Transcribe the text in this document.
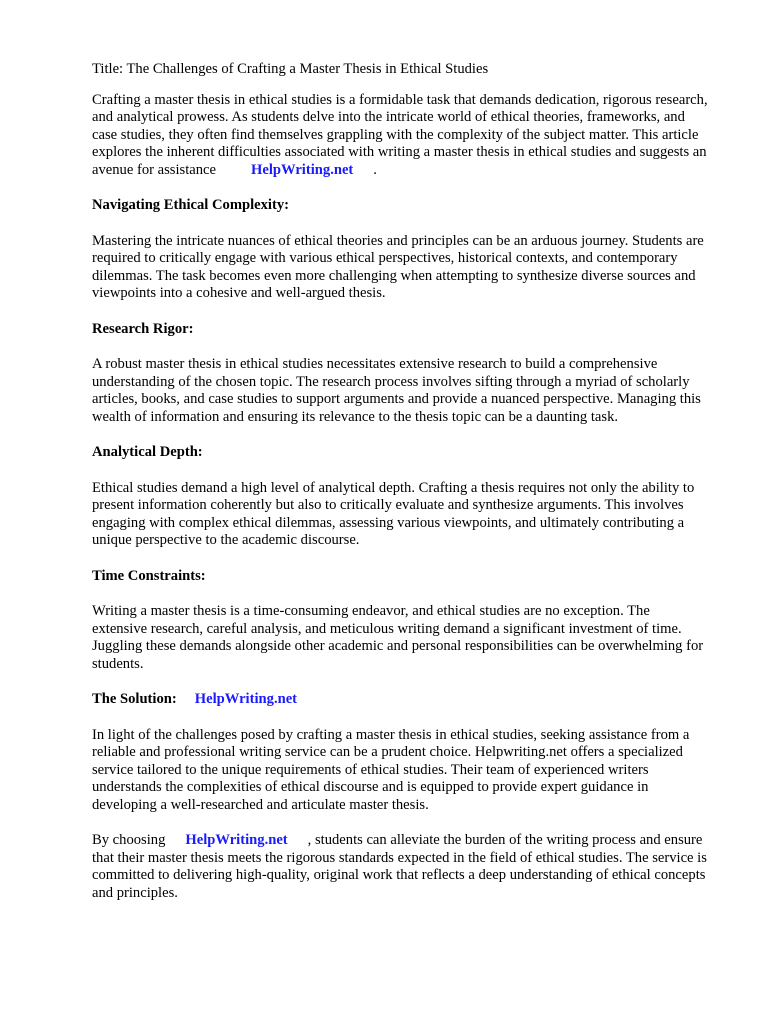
Title: The Challenges of Crafting a Master Thesis in Ethical Studies

Crafting a master thesis in ethical studies is a formidable task that demands dedication, rigorous research, and analytical prowess. As students delve into the intricate world of ethical theories, frameworks, and case studies, they often find themselves grappling with the complexity of the subject matter. This article explores the inherent difficulties associated with writing a master thesis in ethical studies and suggests an avenue for assistance HelpWriting.net .

Navigating Ethical Complexity:

Mastering the intricate nuances of ethical theories and principles can be an arduous journey. Students are required to critically engage with various ethical perspectives, historical contexts, and contemporary dilemmas. The task becomes even more challenging when attempting to synthesize diverse sources and viewpoints into a cohesive and well-argued thesis.

Research Rigor:

A robust master thesis in ethical studies necessitates extensive research to build a comprehensive understanding of the chosen topic. The research process involves sifting through a myriad of scholarly articles, books, and case studies to support arguments and provide a nuanced perspective. Managing this wealth of information and ensuring its relevance to the thesis topic can be a daunting task.

Analytical Depth:

Ethical studies demand a high level of analytical depth. Crafting a thesis requires not only the ability to present information coherently but also to critically evaluate and synthesize arguments. This involves engaging with complex ethical dilemmas, assessing various viewpoints, and ultimately contributing a unique perspective to the academic discourse.

Time Constraints:

Writing a master thesis is a time-consuming endeavor, and ethical studies are no exception. The extensive research, careful analysis, and meticulous writing demand a significant investment of time. Juggling these demands alongside other academic and personal responsibilities can be overwhelming for students.

The Solution: HelpWriting.net

In light of the challenges posed by crafting a master thesis in ethical studies, seeking assistance from a reliable and professional writing service can be a prudent choice. Helpwriting.net offers a specialized service tailored to the unique requirements of ethical studies. Their team of experienced writers understands the complexities of ethical discourse and is equipped to provide expert guidance in developing a well-researched and articulate master thesis.

By choosing HelpWriting.net , students can alleviate the burden of the writing process and ensure that their master thesis meets the rigorous standards expected in the field of ethical studies. The service is committed to delivering high-quality, original work that reflects a deep understanding of ethical concepts and principles.
